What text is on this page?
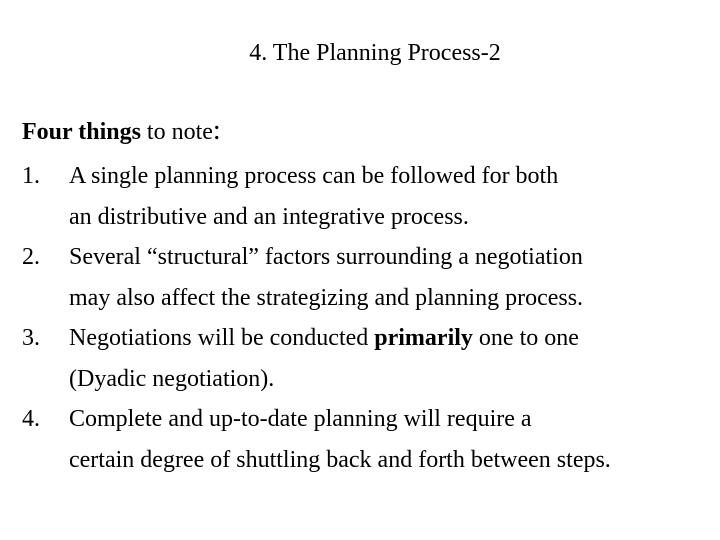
4. The Planning Process-2
Four things to note:
1. A single planning process can be followed for both
an distributive and an integrative process.
2. Several “structural” factors surrounding a negotiation
may also affect the strategizing and planning process.
3. Negotiations will be conducted primarily one to one
(Dyadic negotiation).
4. Complete and up-to-date planning will require a
certain degree of shuttling back and forth between steps.
